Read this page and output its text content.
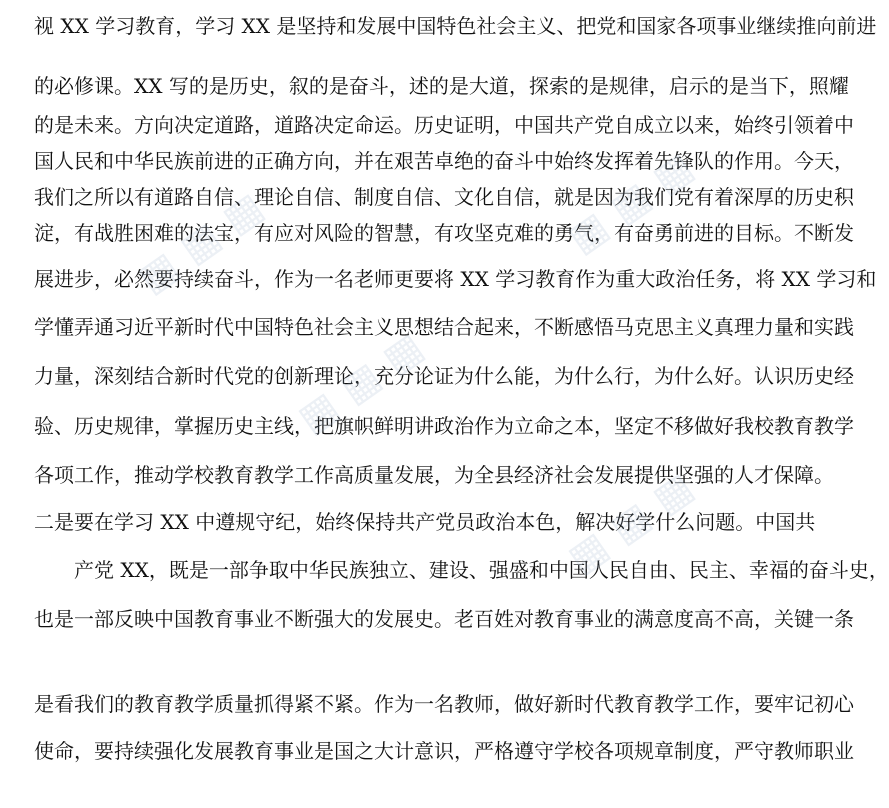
视 XX 学习教育，学习 XX 是坚持和发展中国特色社会主义、把党和国家各项事业继续推向前进
的必修课。XX 写的是历史，叙的是奋斗，述的是大道，探索的是规律，启示的是当下，照耀
的是未来。方向决定道路，道路决定命运。历史证明，中国共产党自成立以来，始终引领着中
国人民和中华民族前进的正确方向，并在艰苦卓绝的奋斗中始终发挥着先锋队的作用。今天，
我们之所以有道路自信、理论自信、制度自信、文化自信，就是因为我们党有着深厚的历史积
淀，有战胜困难的法宝，有应对风险的智慧，有攻坚克难的勇气，有奋勇前进的目标。不断发
展进步，必然要持续奋斗，作为一名老师更要将 XX 学习教育作为重大政治任务，将 XX 学习和
学懂弄通习近平新时代中国特色社会主义思想结合起来，不断感悟马克思主义真理力量和实践
力量，深刻结合新时代党的创新理论，充分论证为什么能，为什么行，为什么好。认识历史经
验、历史规律，掌握历史主线，把旗帜鲜明讲政治作为立命之本，坚定不移做好我校教育教学
各项工作，推动学校教育教学工作高质量发展，为全县经济社会发展提供坚强的人才保障。
二是要在学习 XX 中遵规守纪，始终保持共产党员政治本色，解决好学什么问题。中国共
产党 XX，既是一部争取中华民族独立、建设、强盛和中国人民自由、民主、幸福的奋斗史，
也是一部反映中国教育事业不断强大的发展史。老百姓对教育事业的满意度高不高，关键一条
是看我们的教育教学质量抓得紧不紧。作为一名教师，做好新时代教育教学工作，要牢记初心
使命，要持续强化发展教育事业是国之大计意识，严格遵守学校各项规章制度，严守教师职业
▦ ▦ ▦
▦ ▦ ▦
▦ ▦ ▦
▦ ▦ ▦
